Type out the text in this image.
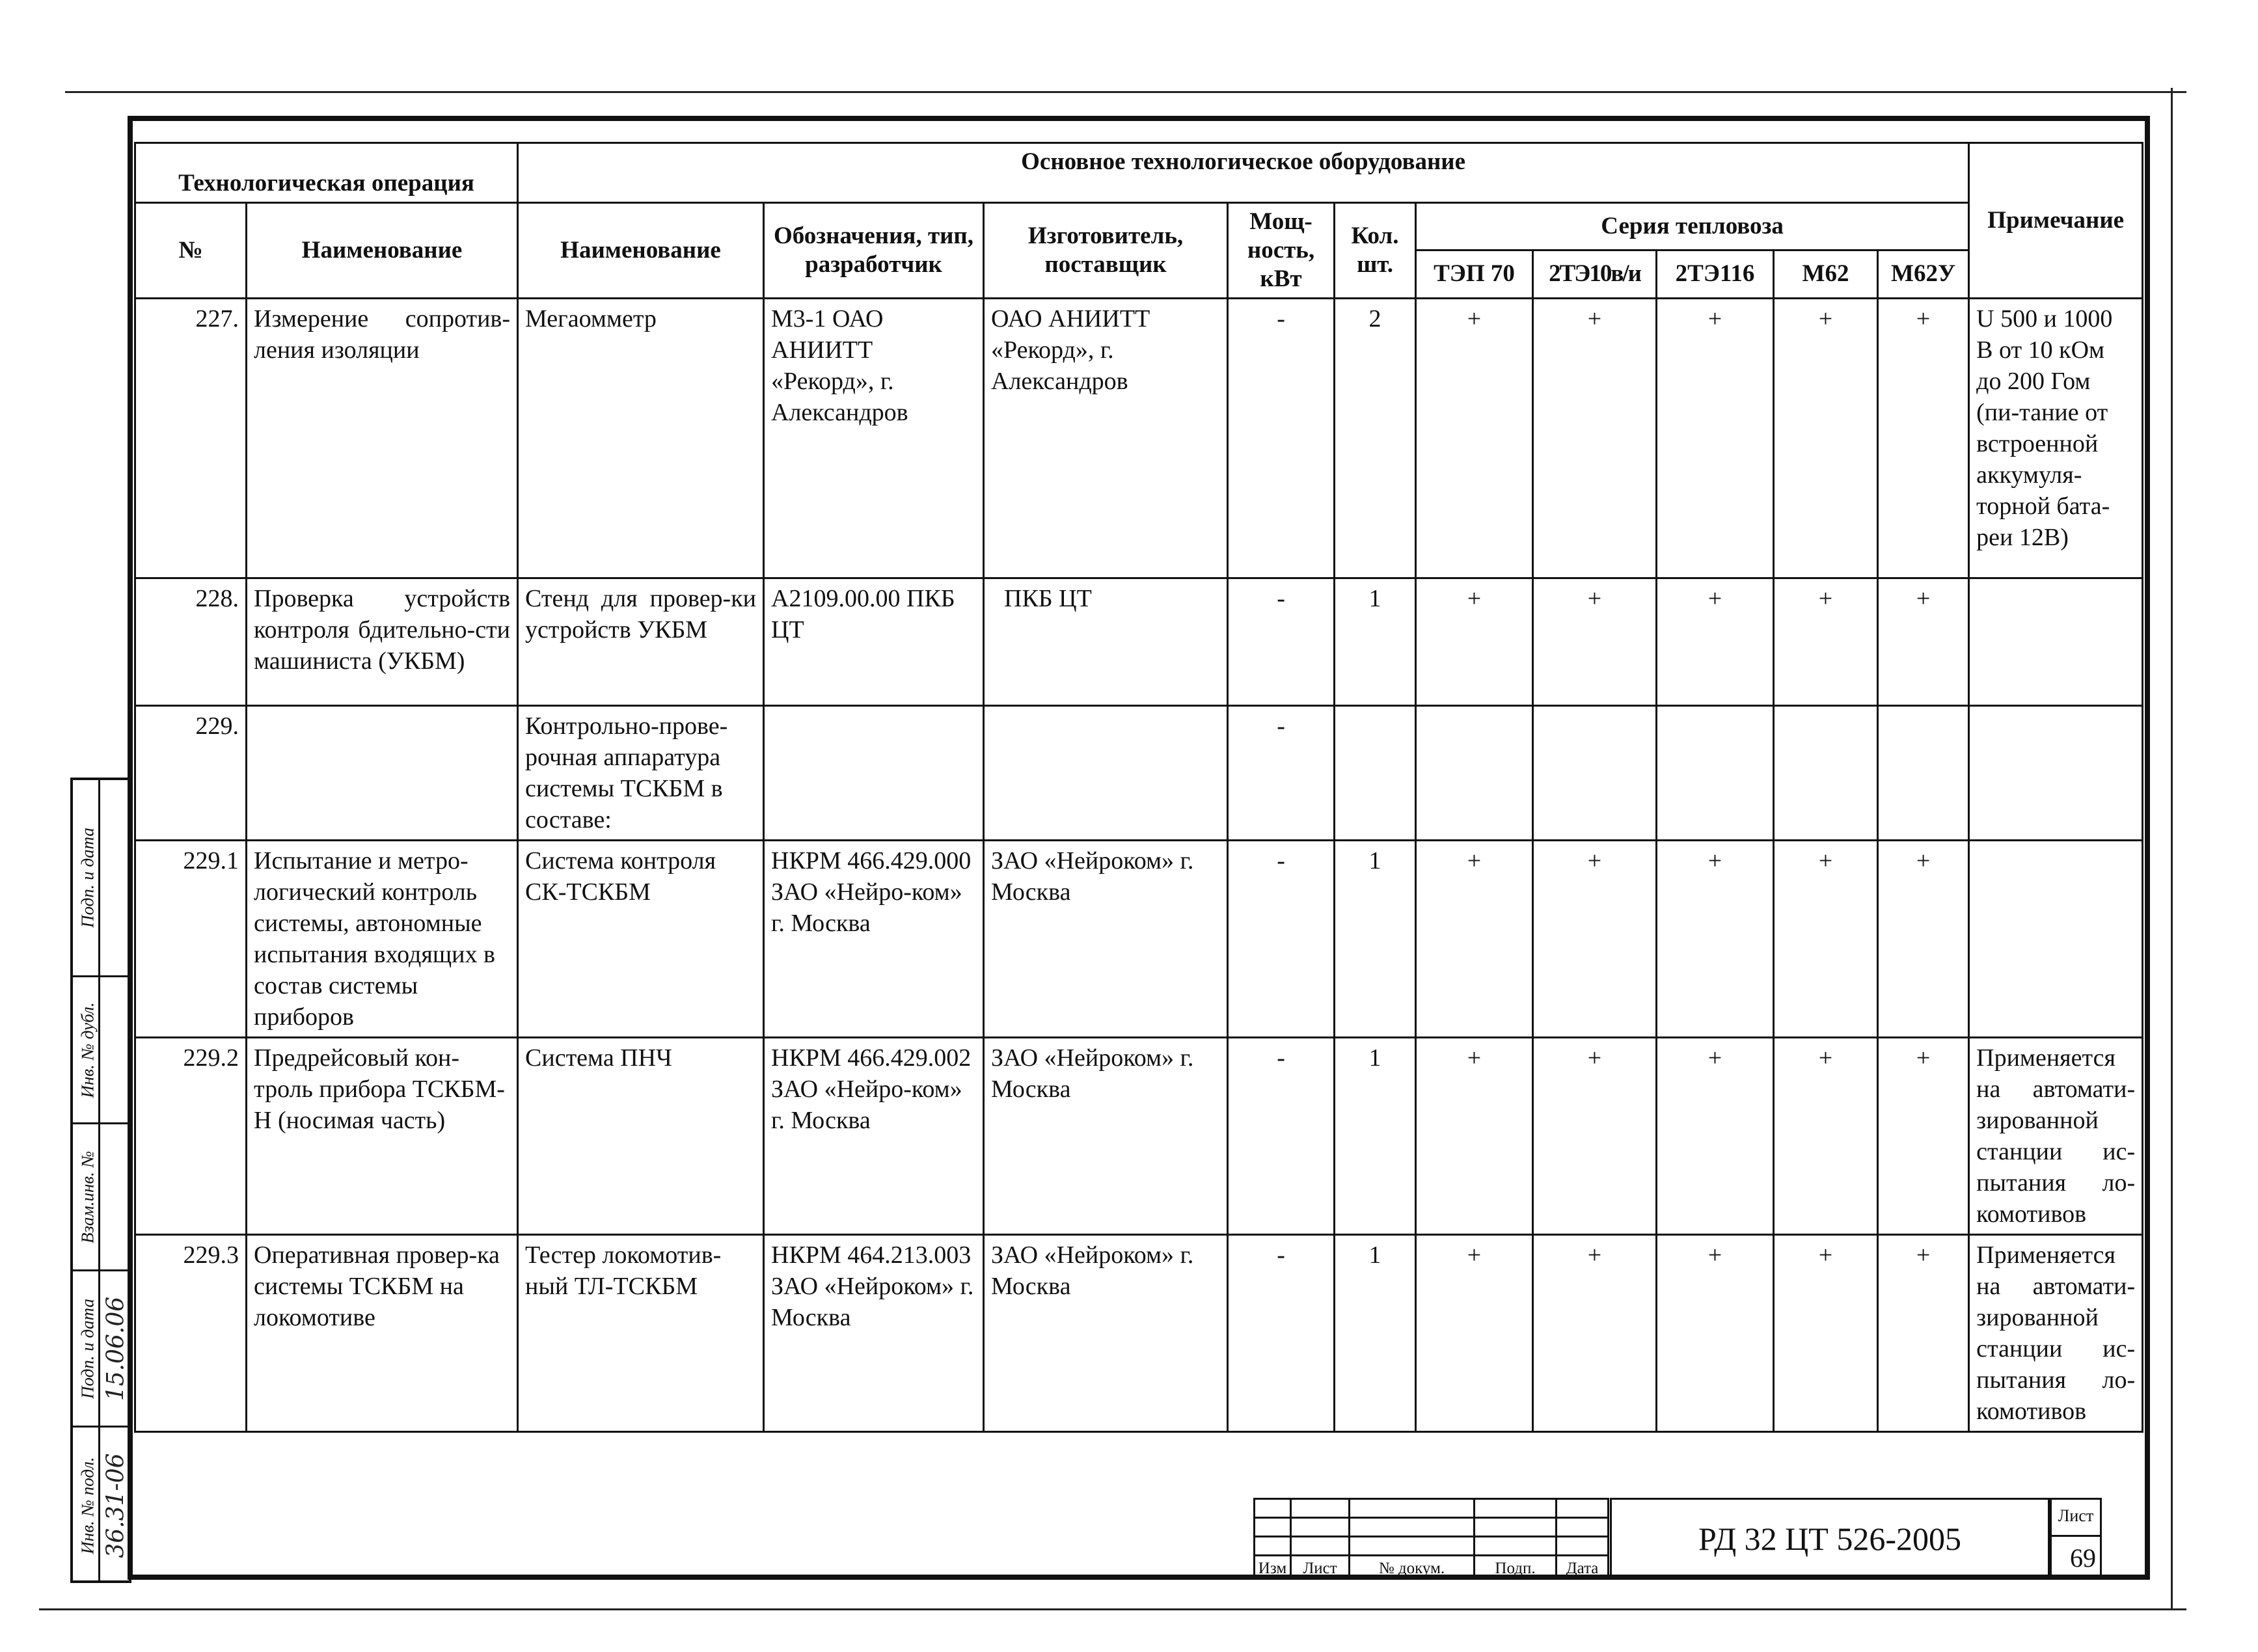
Технологическая операция		Основное технологическое оборудование										Примечание
№	Наименование	Наименование	Обозначения, тип, разработчик	Изготовитель, поставщик	Мощ-ность, кВт	Кол. шт.	Серия тепловоза					
							ТЭП 70	2ТЭ10в/и	2ТЭ116	М62	М62У	
227.	Измерение сопротив-ления изоляции	Мегаомметр	М3-1 ОАО АНИИТТ «Рекорд», г. Александров	ОАО АНИИТТ «Рекорд», г. Александров	-	2	+	+	+	+	+	U 500 и 1000 В от 10 кОм до 200 Гом (пи-тание от встроенной аккумуля-торной бата-реи 12В)
228.	Проверка устройств контроля бдительно-сти машиниста (УКБМ)	Стенд для провер-ки устройств УКБМ	А2109.00.00 ПКБ ЦТ	ПКБ ЦТ	-	1	+	+	+	+	+	
229.		Контрольно-прове-рочная аппаратура системы ТСКБМ в составе:			-							
229.1	Испытание и метро-логический контроль системы, автономные испытания входящих в состав системы приборов	Система контроля СК-ТСКБМ	НКРМ 466.429.000 ЗАО «Нейро-ком» г. Москва	ЗАО «Нейроком» г. Москва	-	1	+	+	+	+	+	
229.2	Предрейсовый кон-троль прибора ТСКБМ-Н (носимая часть)	Система ПНЧ	НКРМ 466.429.002 ЗАО «Нейро-ком» г. Москва	ЗАО «Нейроком» г. Москва	-	1	+	+	+	+	+	Применяется на автомати-зированной станции ис-пытания ло-комотивов
229.3	Оперативная провер-ка системы ТСКБМ на локомотиве	Тестер локомотив-ный ТЛ-ТСКБМ	НКРМ 464.213.003 ЗАО «Нейроком» г. Москва	ЗАО «Нейроком» г. Москва	-	1	+	+	+	+	+	Применяется на автомати-зированной станции ис-пытания ло-комотивов
Подп. и дата
Инв. № дубл.
Взам.инв. №
Подп. и дата 15.06.06
Инв. № подл. 36.31-06

Изм	Лист	№ докум.	Подп.	Дата
РД 32 ЦТ 526-2005
Лист
69
